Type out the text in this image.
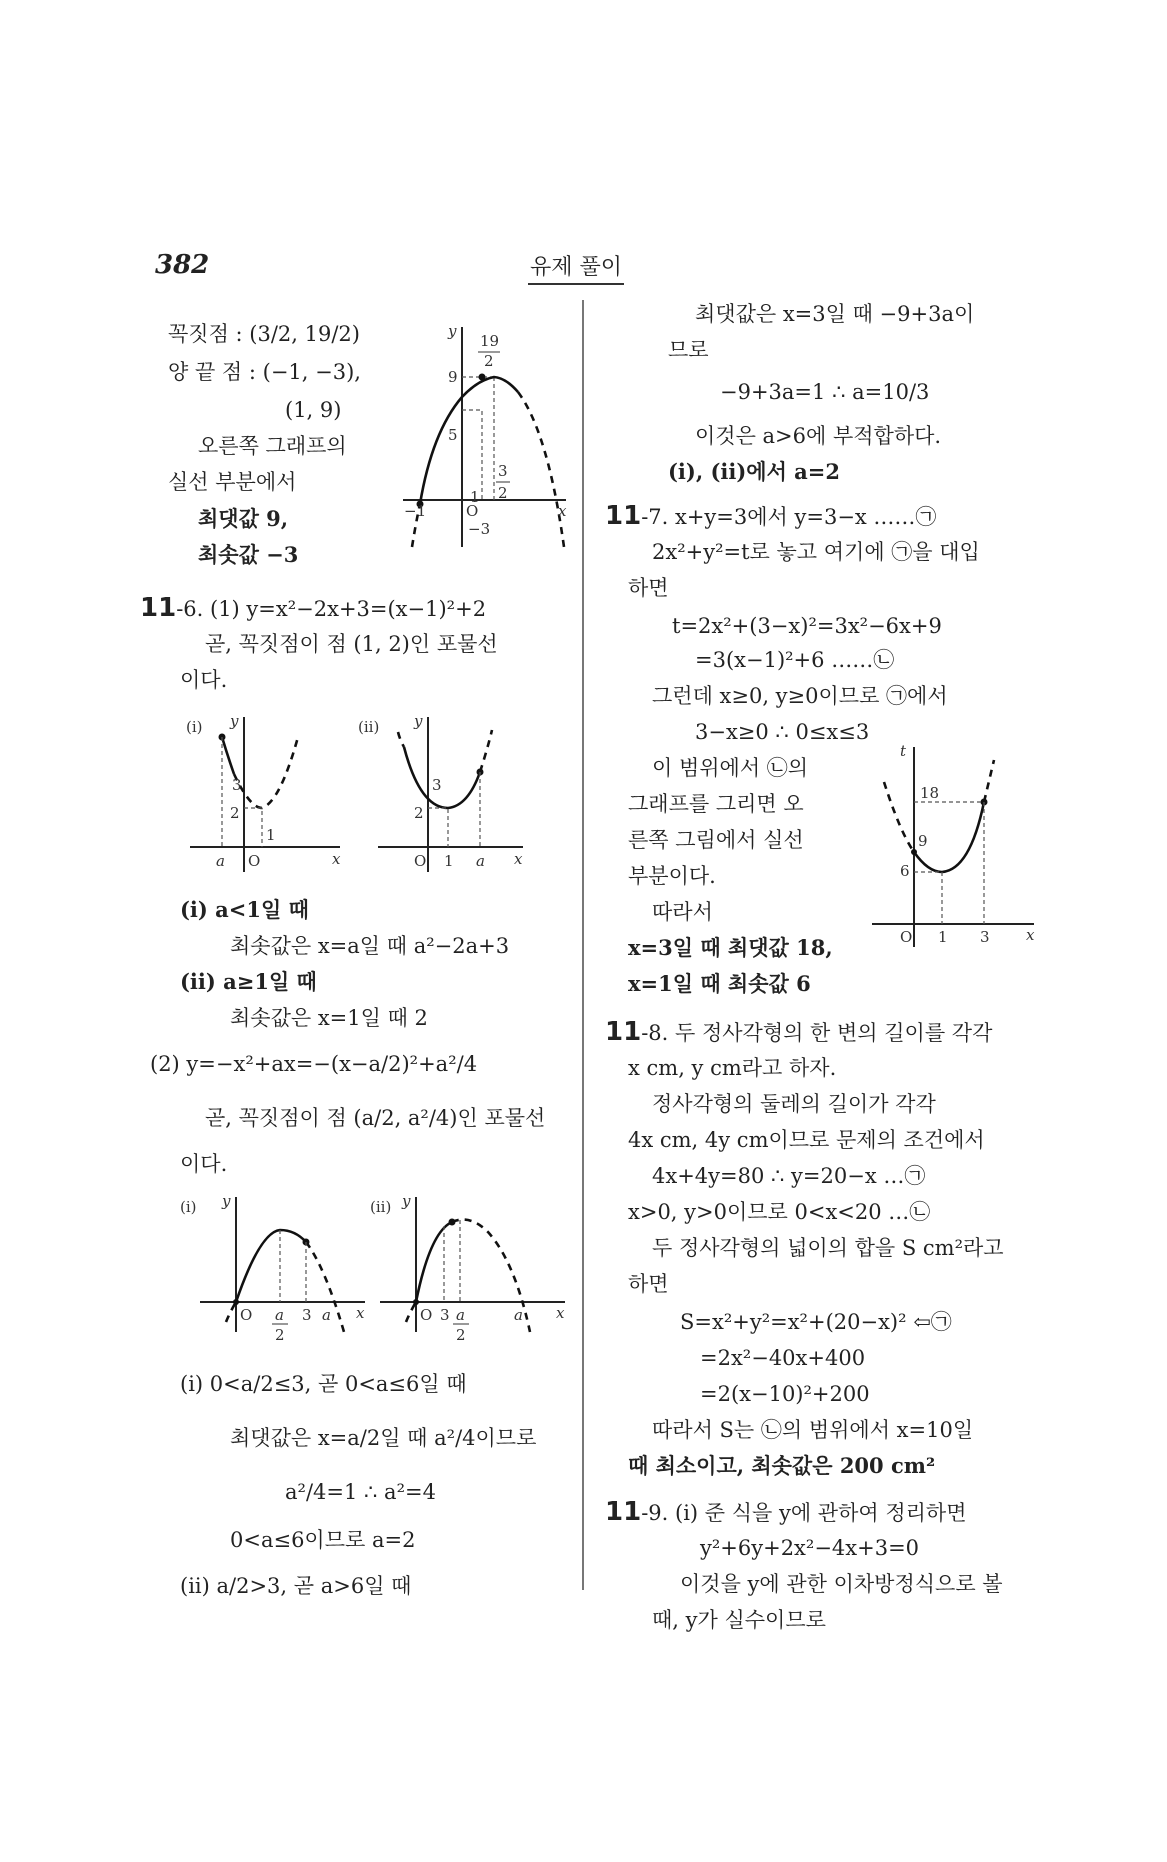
382	유제 풀이
꼭짓점 : (3/2, 19/2)
양 끝 점 : (−1, −3),
(1, 9)
오른쪽 그래프의
실선 부분에서
최댓값 9,
최솟값 −3
y
x
O
−1
1
−3
9
5
19
2
3
2
11-6. (1) y=x²−2x+3=(x−1)²+2
곧, 꼭짓점이 점 (1, 2)인 포물선
이다.
(i) y
x
a O
3
2
1
(ii) y
x
O 1 a
3
2
(i) a<1일 때
최솟값은 x=a일 때 a²−2a+3
(ii) a≥1일 때
최솟값은 x=1일 때 2
(2) y=−x²+ax=−(x−a/2)²+a²/4
곧, 꼭짓점이 점 (a/2, a²/4)인 포물선
이다.
(i) y
x
O a
2
3 a
(ii) y
x
O 3 a
2
a
(i) 0<a/2≤3, 곧 0<a≤6일 때
최댓값은 x=a/2일 때 a²/4이므로
a²/4=1 ∴ a²=4
0<a≤6이므로 a=2
(ii) a/2>3, 곧 a>6일 때
최댓값은 x=3일 때 −9+3a이
므로
−9+3a=1 ∴ a=10/3
이것은 a>6에 부적합하다.
(i), (ii)에서 a=2
11-7. x+y=3에서 y=3−x ……㉠
2x²+y²=t로 놓고 여기에 ㉠을 대입
하면
t=2x²+(3−x)²=3x²−6x+9
=3(x−1)²+6 ……㉡
그런데 x≥0, y≥0이므로 ㉠에서
3−x≥0 ∴ 0≤x≤3
이 범위에서 ㉡의
그래프를 그리면 오
른쪽 그림에서 실선
부분이다.
따라서
x=3일 때 최댓값 18,
x=1일 때 최솟값 6
t
x
O 1 3
18
9
6
11-8. 두 정사각형의 한 변의 길이를 각각
x cm, y cm라고 하자.
정사각형의 둘레의 길이가 각각
4x cm, 4y cm이므로 문제의 조건에서
4x+4y=80 ∴ y=20−x …㉠
x>0, y>0이므로 0<x<20 …㉡
두 정사각형의 넓이의 합을 S cm²라고
하면
S=x²+y²=x²+(20−x)² ⇦㉠
=2x²−40x+400
=2(x−10)²+200
따라서 S는 ㉡의 범위에서 x=10일
때 최소이고, 최솟값은 200 cm²
11-9. (i) 준 식을 y에 관하여 정리하면
y²+6y+2x²−4x+3=0
이것을 y에 관한 이차방정식으로 볼
때, y가 실수이므로
